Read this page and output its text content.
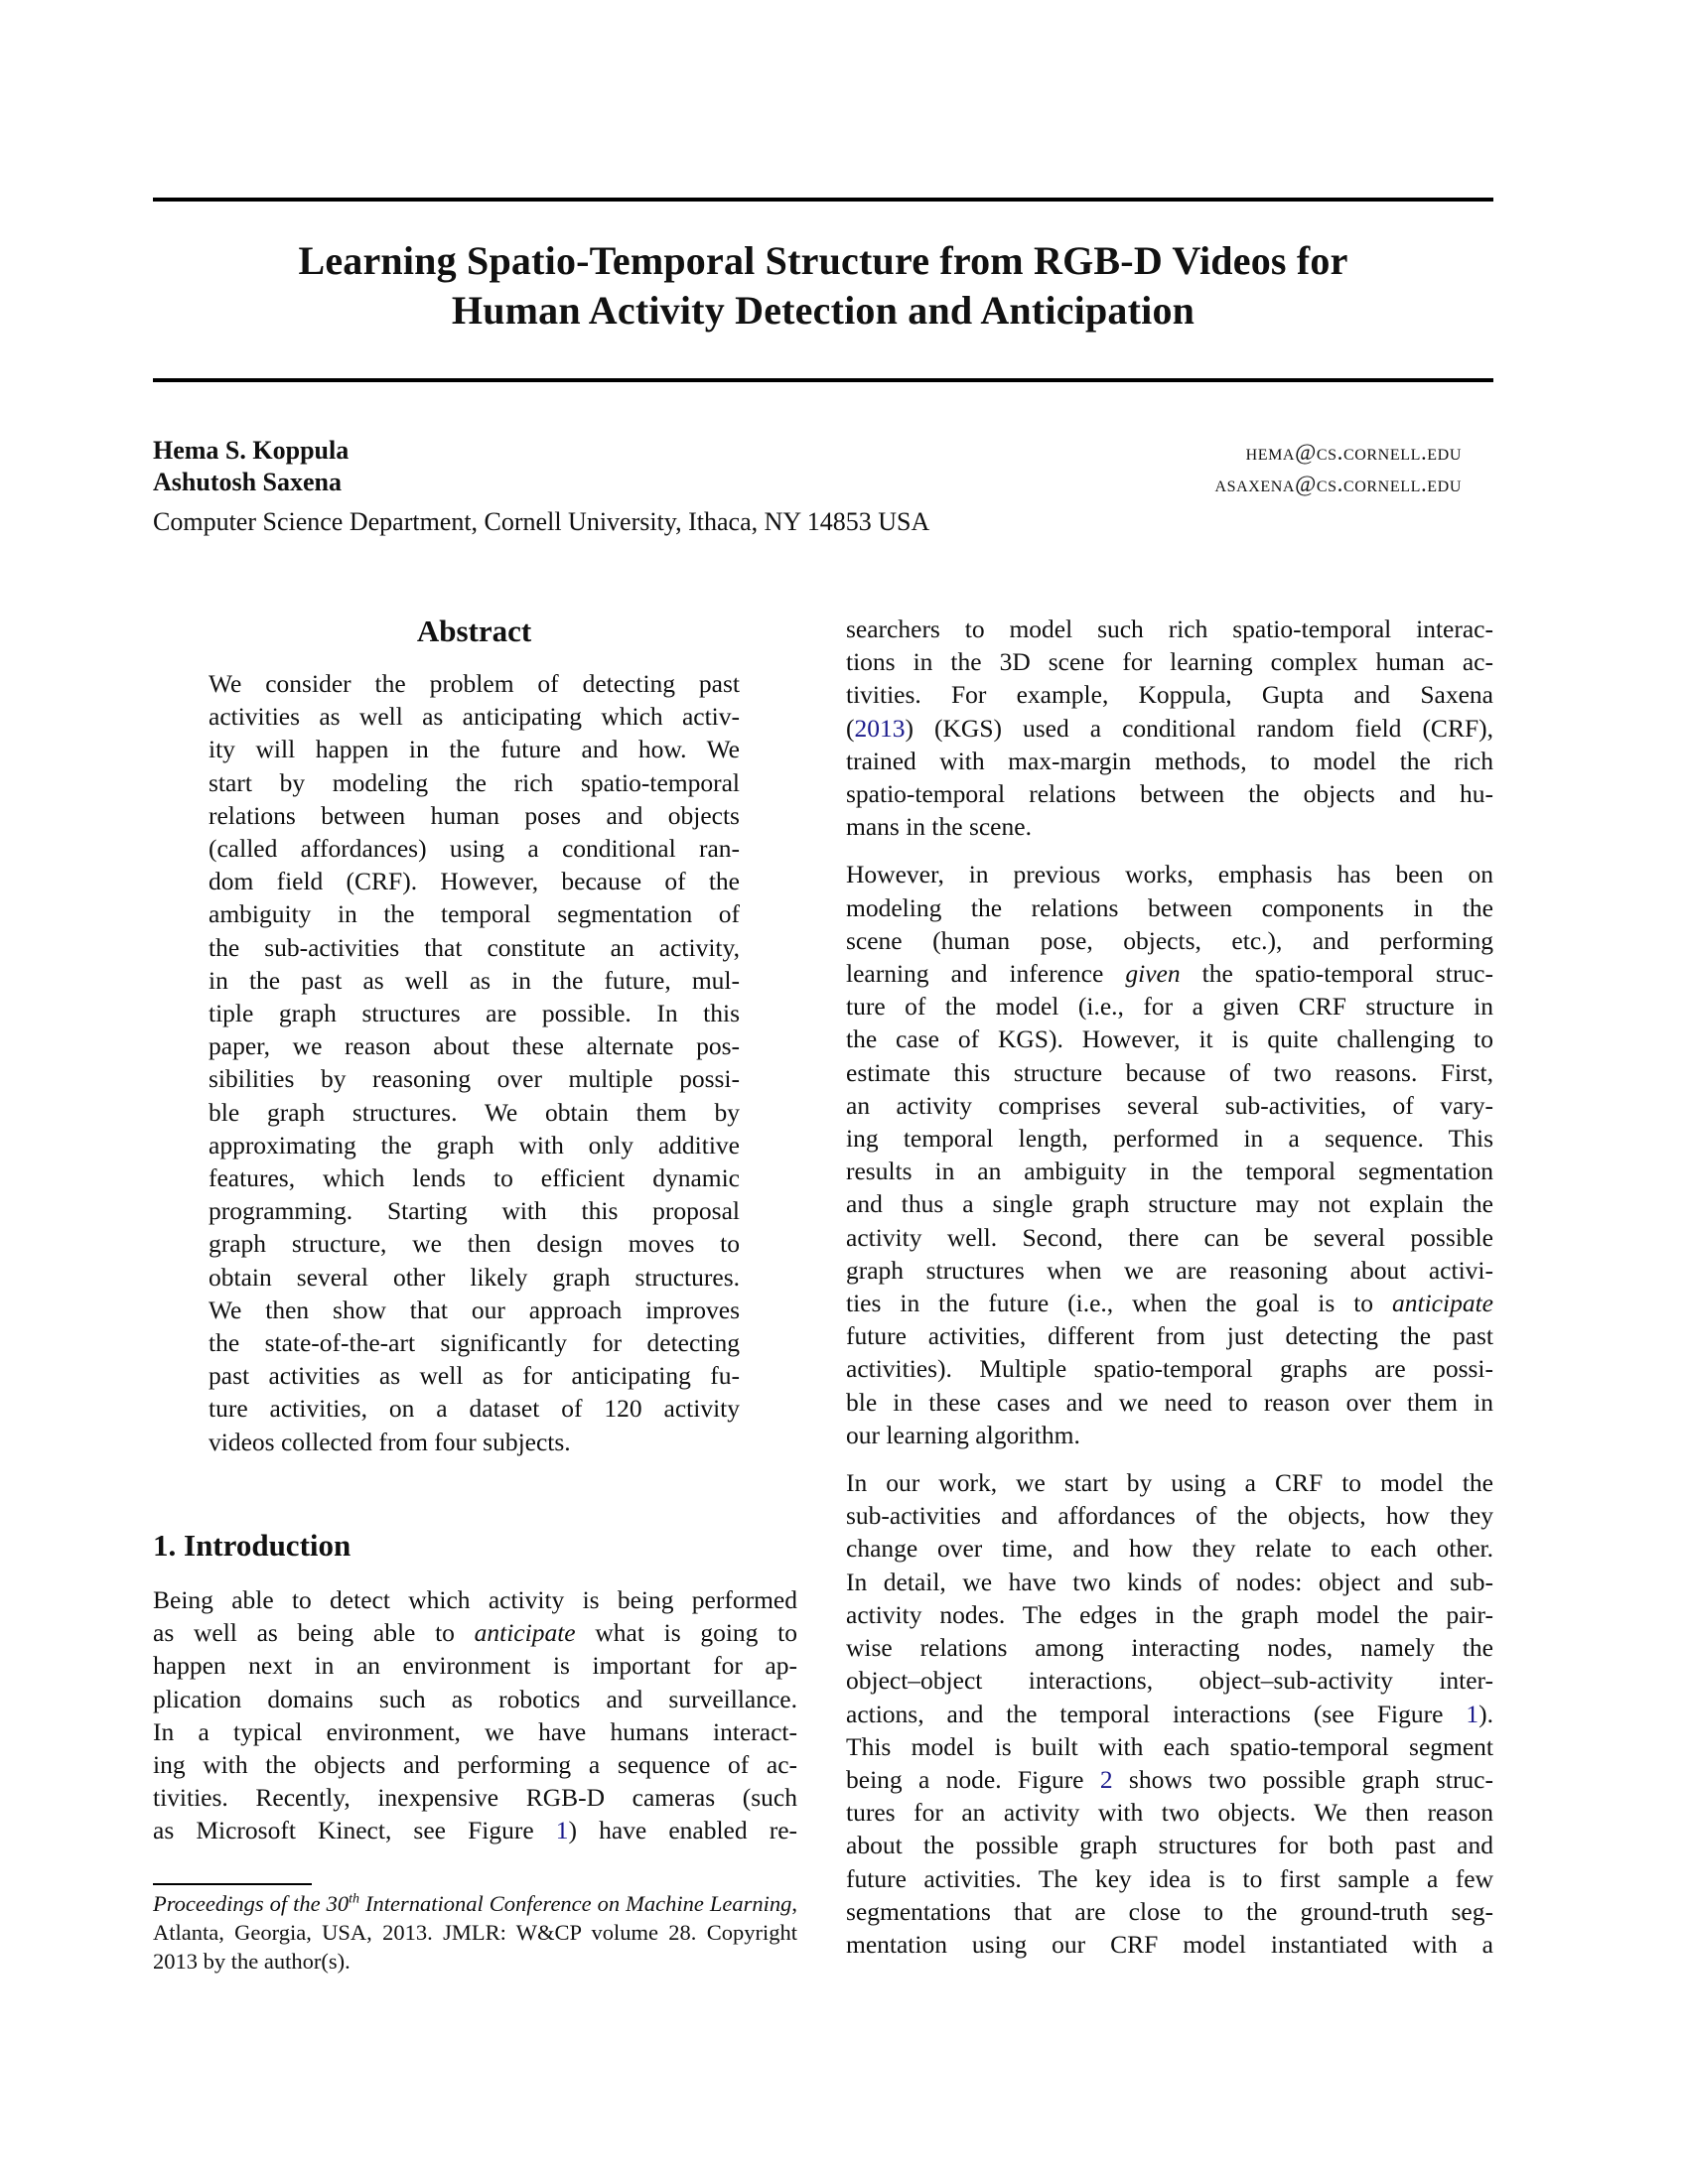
Learning Spatio-Temporal Structure from RGB-D Videos for
Human Activity Detection and Anticipation
Hema S. Koppula	hema@cs.cornell.edu
Ashutosh Saxena	asaxena@cs.cornell.edu
Computer Science Department, Cornell University, Ithaca, NY 14853 USA
Abstract
We consider the problem of detecting past
activities as well as anticipating which activ-
ity will happen in the future and how. We
start by modeling the rich spatio-temporal
relations between human poses and objects
(called affordances) using a conditional ran-
dom field (CRF). However, because of the
ambiguity in the temporal segmentation of
the sub-activities that constitute an activity,
in the past as well as in the future, mul-
tiple graph structures are possible. In this
paper, we reason about these alternate pos-
sibilities by reasoning over multiple possi-
ble graph structures. We obtain them by
approximating the graph with only additive
features, which lends to efficient dynamic
programming. Starting with this proposal
graph structure, we then design moves to
obtain several other likely graph structures.
We then show that our approach improves
the state-of-the-art significantly for detecting
past activities as well as for anticipating fu-
ture activities, on a dataset of 120 activity
videos collected from four subjects.
1. Introduction
Being able to detect which activity is being performed
as well as being able to anticipate what is going to
happen next in an environment is important for ap-
plication domains such as robotics and surveillance.
In a typical environment, we have humans interact-
ing with the objects and performing a sequence of ac-
tivities. Recently, inexpensive RGB-D cameras (such
as Microsoft Kinect, see Figure 1) have enabled re-
Proceedings of the 30th International Conference on Machine Learning, Atlanta, Georgia, USA, 2013. JMLR: W&CP volume 28. Copyright 2013 by the author(s).

searchers to model such rich spatio-temporal interac-
tions in the 3D scene for learning complex human ac-
tivities. For example, Koppula, Gupta and Saxena
(2013) (KGS) used a conditional random field (CRF),
trained with max-margin methods, to model the rich
spatio-temporal relations between the objects and hu-
mans in the scene.

However, in previous works, emphasis has been on
modeling the relations between components in the
scene (human pose, objects, etc.), and performing
learning and inference given the spatio-temporal struc-
ture of the model (i.e., for a given CRF structure in
the case of KGS). However, it is quite challenging to
estimate this structure because of two reasons. First,
an activity comprises several sub-activities, of vary-
ing temporal length, performed in a sequence. This
results in an ambiguity in the temporal segmentation
and thus a single graph structure may not explain the
activity well. Second, there can be several possible
graph structures when we are reasoning about activi-
ties in the future (i.e., when the goal is to anticipate
future activities, different from just detecting the past
activities). Multiple spatio-temporal graphs are possi-
ble in these cases and we need to reason over them in
our learning algorithm.

In our work, we start by using a CRF to model the
sub-activities and affordances of the objects, how they
change over time, and how they relate to each other.
In detail, we have two kinds of nodes: object and sub-
activity nodes. The edges in the graph model the pair-
wise relations among interacting nodes, namely the
object–object interactions, object–sub-activity inter-
actions, and the temporal interactions (see Figure 1).
This model is built with each spatio-temporal segment
being a node. Figure 2 shows two possible graph struc-
tures for an activity with two objects. We then reason
about the possible graph structures for both past and
future activities. The key idea is to first sample a few
segmentations that are close to the ground-truth seg-
mentation using our CRF model instantiated with a
